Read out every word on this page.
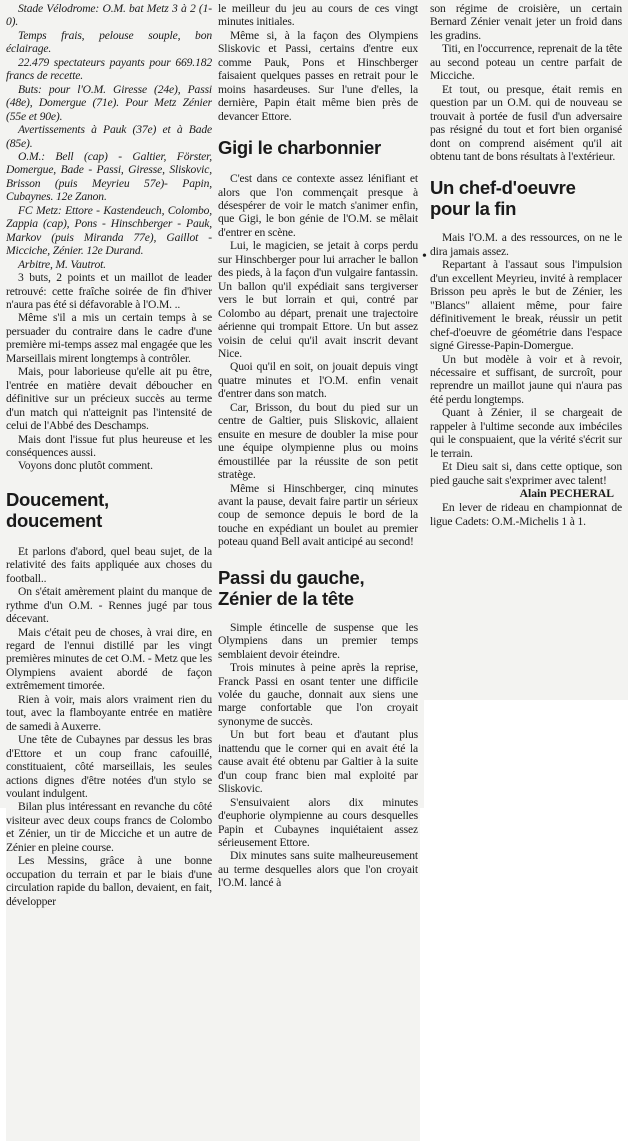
Stade Vélodrome: O.M. bat Metz 3 à 2 (1-0).

Temps frais, pelouse souple, bon éclairage.

22.479 spectateurs payants pour 669.182 francs de recette.

Buts: pour l'O.M. Giresse (24e), Passi (48e), Domergue (71e). Pour Metz Zénier (55e et 90e).

Avertissements à Pauk (37e) et à Bade (85e).

O.M.: Bell (cap) - Galtier, Förster, Domergue, Bade - Passi, Giresse, Sliskovic, Brisson (puis Meyrieu 57e)- Papin, Cubaynes. 12e Zanon.

FC Metz: Ettore - Kastendeuch, Colombo, Zappia (cap), Pons - Hinschberger - Pauk, Markov (puis Miranda 77e), Gaillot - Micciche, Zénier. 12e Durand.

Arbitre, M. Vautrot.

3 buts, 2 points et un maillot de leader retrouvé: cette fraîche soirée de fin d'hiver n'aura pas été si défavorable à l'O.M. ..

Même s'il a mis un certain temps à se persuader du contraire dans le cadre d'une première mi-temps assez mal engagée que les Marseillais mirent longtemps à contrôler.

Mais, pour laborieuse qu'elle ait pu être, l'entrée en matière devait déboucher en définitive sur un précieux succès au terme d'un match qui n'atteignit pas l'intensité de celui de l'Abbé des Deschamps.

Mais dont l'issue fut plus heureuse et les conséquences aussi.

Voyons donc plutôt comment.

Doucement, doucement

Et parlons d'abord, quel beau sujet, de la relativité des faits appliquée aux choses du football..

On s'était amèrement plaint du manque de rythme d'un O.M. - Rennes jugé par tous décevant.

Mais c'était peu de choses, à vrai dire, en regard de l'ennui distillé par les vingt premières minutes de cet O.M. - Metz que les Olympiens avaient abordé de façon extrêmement timorée.

Rien à voir, mais alors vraiment rien du tout, avec la flamboyante entrée en matière de samedi à Auxerre.

Une tête de Cubaynes par dessus les bras d'Ettore et un coup franc cafouillé, constituaient, côté marseillais, les seules actions dignes d'être notées d'un stylo se voulant indulgent.

Bilan plus intéressant en revanche du côté visiteur avec deux coups francs de Colombo et Zénier, un tir de Micciche et un autre de Zénier en pleine course.

Les Messins, grâce à une bonne occupation du terrain et par le biais d'une circulation rapide du ballon, devaient, en fait, développer

le meilleur du jeu au cours de ces vingt minutes initiales.

Même si, à la façon des Olympiens Sliskovic et Passi, certains d'entre eux comme Pauk, Pons et Hinschberger faisaient quelques passes en retrait pour le moins hasardeuses. Sur l'une d'elles, la dernière, Papin était même bien près de devancer Ettore.

Gigi le charbonnier

C'est dans ce contexte assez lénifiant et alors que l'on commençait presque à désespérer de voir le match s'animer enfin, que Gigi, le bon génie de l'O.M. se mêlait d'entrer en scène.

Lui, le magicien, se jetait à corps perdu sur Hinschberger pour lui arracher le ballon des pieds, à la façon d'un vulgaire fantassin. Un ballon qu'il expédiait sans tergiverser vers le but lorrain et qui, contré par Colombo au départ, prenait une trajectoire aérienne qui trompait Ettore. Un but assez voisin de celui qu'il avait inscrit devant Nice.

Quoi qu'il en soit, on jouait depuis vingt quatre minutes et l'O.M. enfin venait d'entrer dans son match.

Car, Brisson, du bout du pied sur un centre de Galtier, puis Sliskovic, allaient ensuite en mesure de doubler la mise pour une équipe olympienne plus ou moins émoustillée par la réussite de son petit stratège.

Même si Hinschberger, cinq minutes avant la pause, devait faire partir un sérieux coup de semonce depuis le bord de la touche en expédiant un boulet au premier poteau quand Bell avait anticipé au second!

Passi du gauche, Zénier de la tête

Simple étincelle de suspense que les Olympiens dans un premier temps semblaient devoir éteindre.

Trois minutes à peine après la reprise, Franck Passi en osant tenter une difficile volée du gauche, donnait aux siens une marge confortable que l'on croyait synonyme de succès.

Un but fort beau et d'autant plus inattendu que le corner qui en avait été la cause avait été obtenu par Galtier à la suite d'un coup franc bien mal exploité par Sliskovic.

S'ensuivaient alors dix minutes d'euphorie olympienne au cours desquelles Papin et Cubaynes inquiétaient assez sérieusement Ettore.

Dix minutes sans suite malheureusement au terme desquelles alors que l'on croyait l'O.M. lancé à

son régime de croisière, un certain Bernard Zénier venait jeter un froid dans les gradins.

Titi, en l'occurrence, reprenait de la tête au second poteau un centre parfait de Micciche.

Et tout, ou presque, était remis en question par un O.M. qui de nouveau se trouvait à portée de fusil d'un adversaire pas résigné du tout et fort bien organisé dont on comprend aisément qu'il ait obtenu tant de bons résultats à l'extérieur.

Un chef-d'oeuvre pour la fin

Mais l'O.M. a des ressources, on ne le dira jamais assez.

Repartant à l'assaut sous l'impulsion d'un excellent Meyrieu, invité à remplacer Brisson peu après le but de Zénier, les "Blancs" allaient même, pour faire définitivement le break, réussir un petit chef-d'oeuvre de géométrie dans l'espace signé Giresse-Papin-Domergue.

Un but modèle à voir et à revoir, nécessaire et suffisant, de surcroît, pour reprendre un maillot jaune qui n'aura pas été perdu longtemps.

Quant à Zénier, il se chargeait de rappeler à l'ultime seconde aux imbéciles qui le conspuaient, que la vérité s'écrit sur le terrain.

Et Dieu sait si, dans cette optique, son pied gauche sait s'exprimer avec talent!

Alain PECHERAL

En lever de rideau en championnat de ligue Cadets: O.M.-Michelis 1 à 1.

•
